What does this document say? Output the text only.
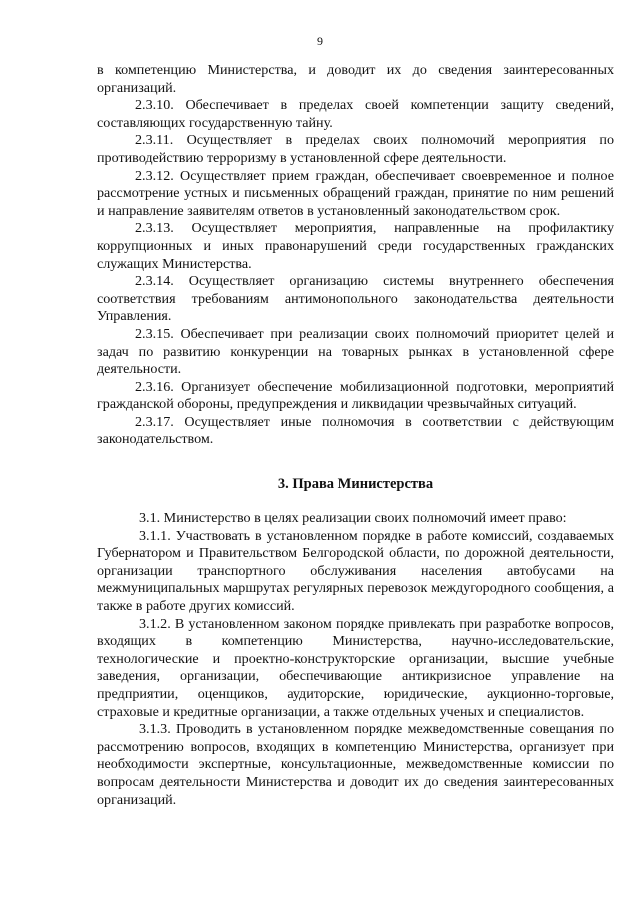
9

в компетенцию Министерства, и доводит их до сведения заинтересованных организаций.

2.3.10. Обеспечивает в пределах своей компетенции защиту сведений, составляющих государственную тайну.

2.3.11. Осуществляет в пределах своих полномочий мероприятия по противодействию терроризму в установленной сфере деятельности.

2.3.12. Осуществляет прием граждан, обеспечивает своевременное и полное рассмотрение устных и письменных обращений граждан, принятие по ним решений и направление заявителям ответов в установленный законодательством срок.

2.3.13. Осуществляет мероприятия, направленные на профилактику коррупционных и иных правонарушений среди государственных гражданских служащих Министерства.

2.3.14. Осуществляет организацию системы внутреннего обеспечения соответствия требованиям антимонопольного законодательства деятельности Управления.

2.3.15. Обеспечивает при реализации своих полномочий приоритет целей и задач по развитию конкуренции на товарных рынках в установленной сфере деятельности.

2.3.16. Организует обеспечение мобилизационной подготовки, мероприятий гражданской обороны, предупреждения и ликвидации чрезвычайных ситуаций.

2.3.17. Осуществляет иные полномочия в соответствии с действующим законодательством.

3. Права Министерства

3.1. Министерство в целях реализации своих полномочий имеет право:

3.1.1. Участвовать в установленном порядке в работе комиссий, создаваемых Губернатором и Правительством Белгородской области, по дорожной деятельности, организации транспортного обслуживания населения автобусами на межмуниципальных маршрутах регулярных перевозок междугородного сообщения, а также в работе других комиссий.

3.1.2. В установленном законом порядке привлекать при разработке вопросов, входящих в компетенцию Министерства, научно-исследовательские, технологические и проектно-конструкторские организации, высшие учебные заведения, организации, обеспечивающие антикризисное управление на предприятии, оценщиков, аудиторские, юридические, аукционно-торговые, страховые и кредитные организации, а также отдельных ученых и специалистов.

3.1.3. Проводить в установленном порядке межведомственные совещания по рассмотрению вопросов, входящих в компетенцию Министерства, организует при необходимости экспертные, консультационные, межведомственные комиссии по вопросам деятельности Министерства и доводит их до сведения заинтересованных организаций.
